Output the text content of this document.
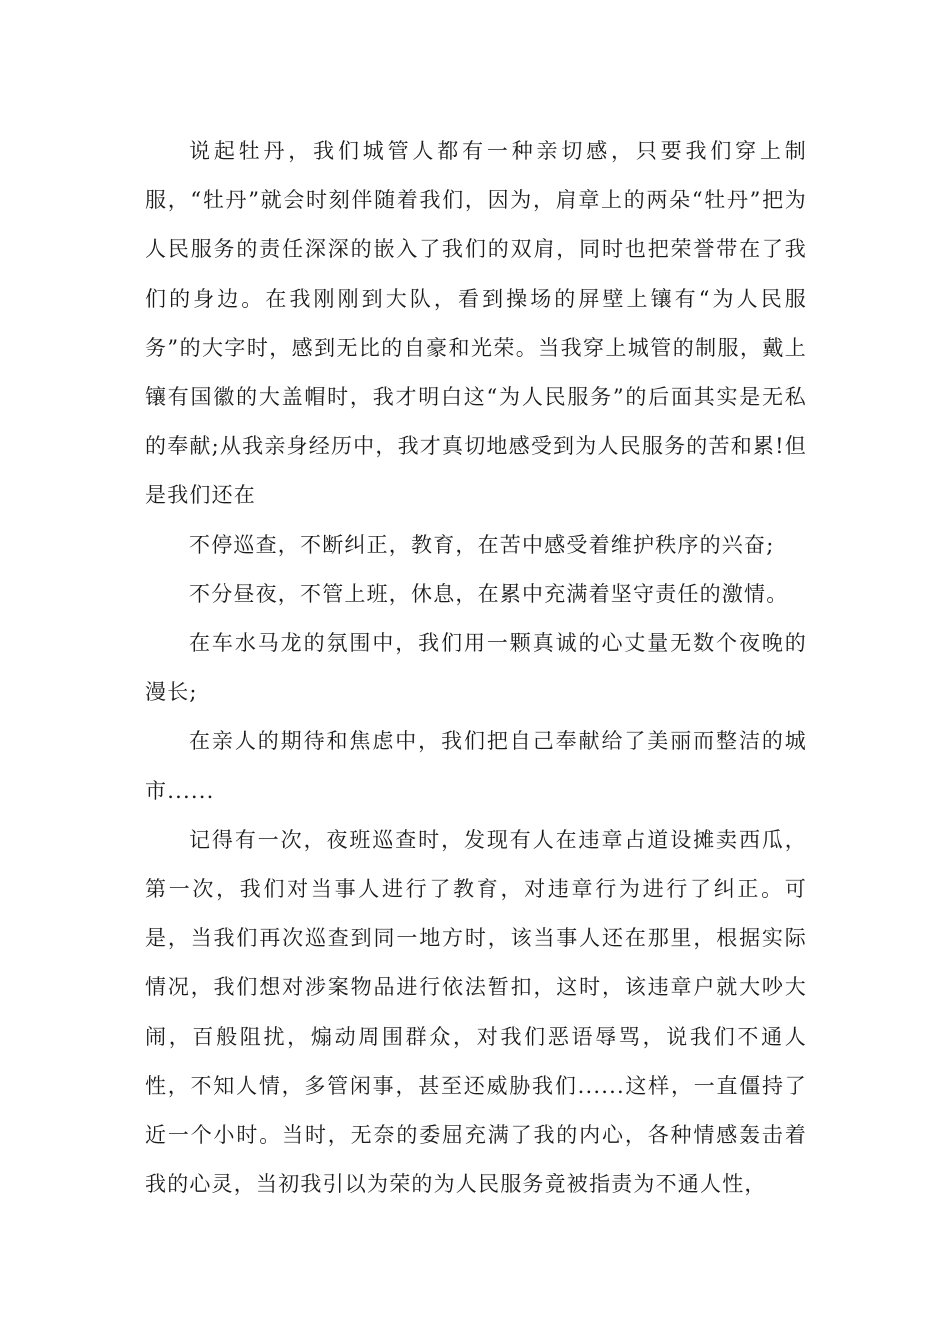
说起牡丹，我们城管人都有一种亲切感，只要我们穿上制服，“牡丹”就会时刻伴随着我们，因为，肩章上的两朵“牡丹”把为人民服务的责任深深的嵌入了我们的双肩，同时也把荣誉带在了我们的身边。在我刚刚到大队，看到操场的屏壁上镶有“为人民服务”的大字时，感到无比的自豪和光荣。当我穿上城管的制服，戴上镶有国徽的大盖帽时，我才明白这“为人民服务”的后面其实是无私的奉献;从我亲身经历中，我才真切地感受到为人民服务的苦和累!但是我们还在

不停巡查，不断纠正，教育，在苦中感受着维护秩序的兴奋;

不分昼夜，不管上班，休息，在累中充满着坚守责任的激情。

在车水马龙的氛围中，我们用一颗真诚的心丈量无数个夜晚的漫长;

在亲人的期待和焦虑中，我们把自己奉献给了美丽而整洁的城市......

记得有一次，夜班巡查时，发现有人在违章占道设摊卖西瓜，第一次，我们对当事人进行了教育，对违章行为进行了纠正。可是，当我们再次巡查到同一地方时，该当事人还在那里，根据实际情况，我们想对涉案物品进行依法暂扣，这时，该违章户就大吵大闹，百般阻扰，煽动周围群众，对我们恶语辱骂，说我们不通人性，不知人情，多管闲事，甚至还威胁我们......这样，一直僵持了近一个小时。当时，无奈的委屈充满了我的内心，各种情感轰击着我的心灵，当初我引以为荣的为人民服务竟被指责为不通人性，
